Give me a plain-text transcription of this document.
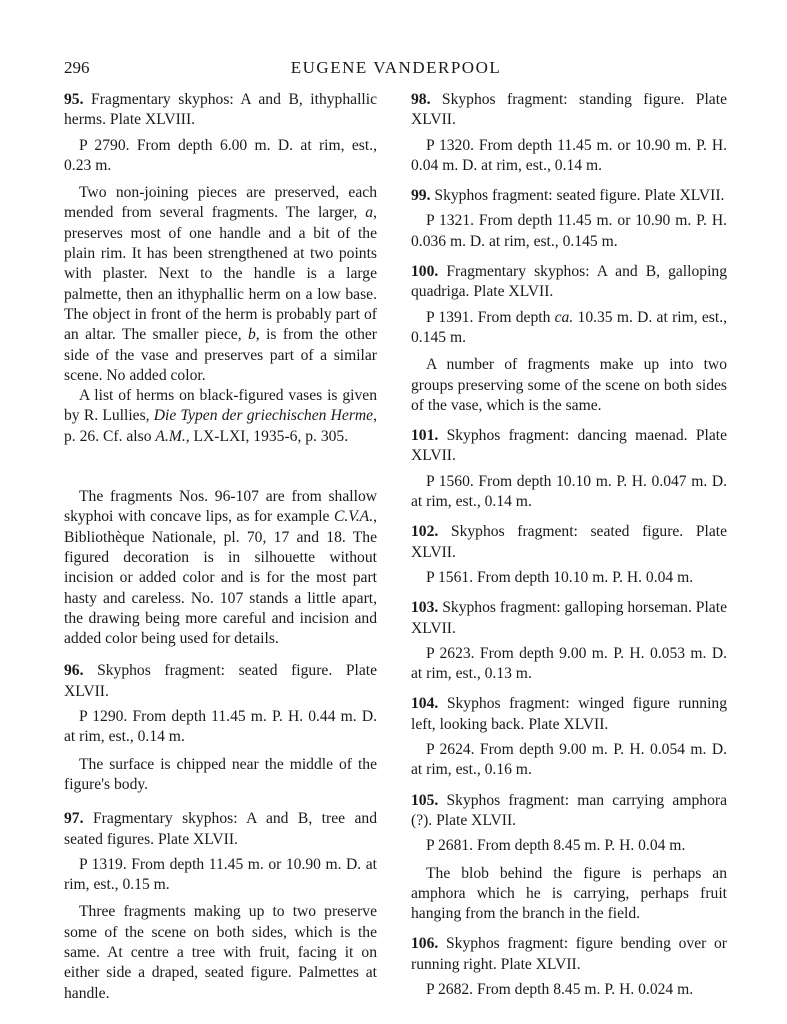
296	EUGENE VANDERPOOL

95. Fragmentary skyphos: A and B, ithyphallic herms. Plate XLVIII.

P 2790. From depth 6.00 m. D. at rim, est., 0.23 m.

Two non-joining pieces are preserved, each mended from several fragments. The larger, a, preserves most of one handle and a bit of the plain rim. It has been strengthened at two points with plaster. Next to the handle is a large palmette, then an ithyphallic herm on a low base. The object in front of the herm is probably part of an altar. The smaller piece, b, is from the other side of the vase and preserves part of a similar scene. No added color.

A list of herms on black-figured vases is given by R. Lullies, Die Typen der griechischen Herme, p. 26. Cf. also A.M., LX-LXI, 1935-6, p. 305.

The fragments Nos. 96-107 are from shallow skyphoi with concave lips, as for example C.V.A., Bibliothèque Nationale, pl. 70, 17 and 18. The figured decoration is in silhouette without incision or added color and is for the most part hasty and careless. No. 107 stands a little apart, the drawing being more careful and incision and added color being used for details.

96. Skyphos fragment: seated figure. Plate XLVII.

P 1290. From depth 11.45 m. P. H. 0.44 m. D. at rim, est., 0.14 m.

The surface is chipped near the middle of the figure's body.

97. Fragmentary skyphos: A and B, tree and seated figures. Plate XLVII.

P 1319. From depth 11.45 m. or 10.90 m. D. at rim, est., 0.15 m.

Three fragments making up to two preserve some of the scene on both sides, which is the same. At centre a tree with fruit, facing it on either side a draped, seated figure. Palmettes at handle.

98. Skyphos fragment: standing figure. Plate XLVII.

P 1320. From depth 11.45 m. or 10.90 m. P. H. 0.04 m. D. at rim, est., 0.14 m.

99. Skyphos fragment: seated figure. Plate XLVII.

P 1321. From depth 11.45 m. or 10.90 m. P. H. 0.036 m. D. at rim, est., 0.145 m.

100. Fragmentary skyphos: A and B, galloping quadriga. Plate XLVII.

P 1391. From depth ca. 10.35 m. D. at rim, est., 0.145 m.

A number of fragments make up into two groups preserving some of the scene on both sides of the vase, which is the same.

101. Skyphos fragment: dancing maenad. Plate XLVII.

P 1560. From depth 10.10 m. P. H. 0.047 m. D. at rim, est., 0.14 m.

102. Skyphos fragment: seated figure. Plate XLVII.

P 1561. From depth 10.10 m. P. H. 0.04 m.

103. Skyphos fragment: galloping horseman. Plate XLVII.

P 2623. From depth 9.00 m. P. H. 0.053 m. D. at rim, est., 0.13 m.

104. Skyphos fragment: winged figure running left, looking back. Plate XLVII.

P 2624. From depth 9.00 m. P. H. 0.054 m. D. at rim, est., 0.16 m.

105. Skyphos fragment: man carrying amphora (?). Plate XLVII.

P 2681. From depth 8.45 m. P. H. 0.04 m.

The blob behind the figure is perhaps an amphora which he is carrying, perhaps fruit hanging from the branch in the field.

106. Skyphos fragment: figure bending over or running right. Plate XLVII.

P 2682. From depth 8.45 m. P. H. 0.024 m.
